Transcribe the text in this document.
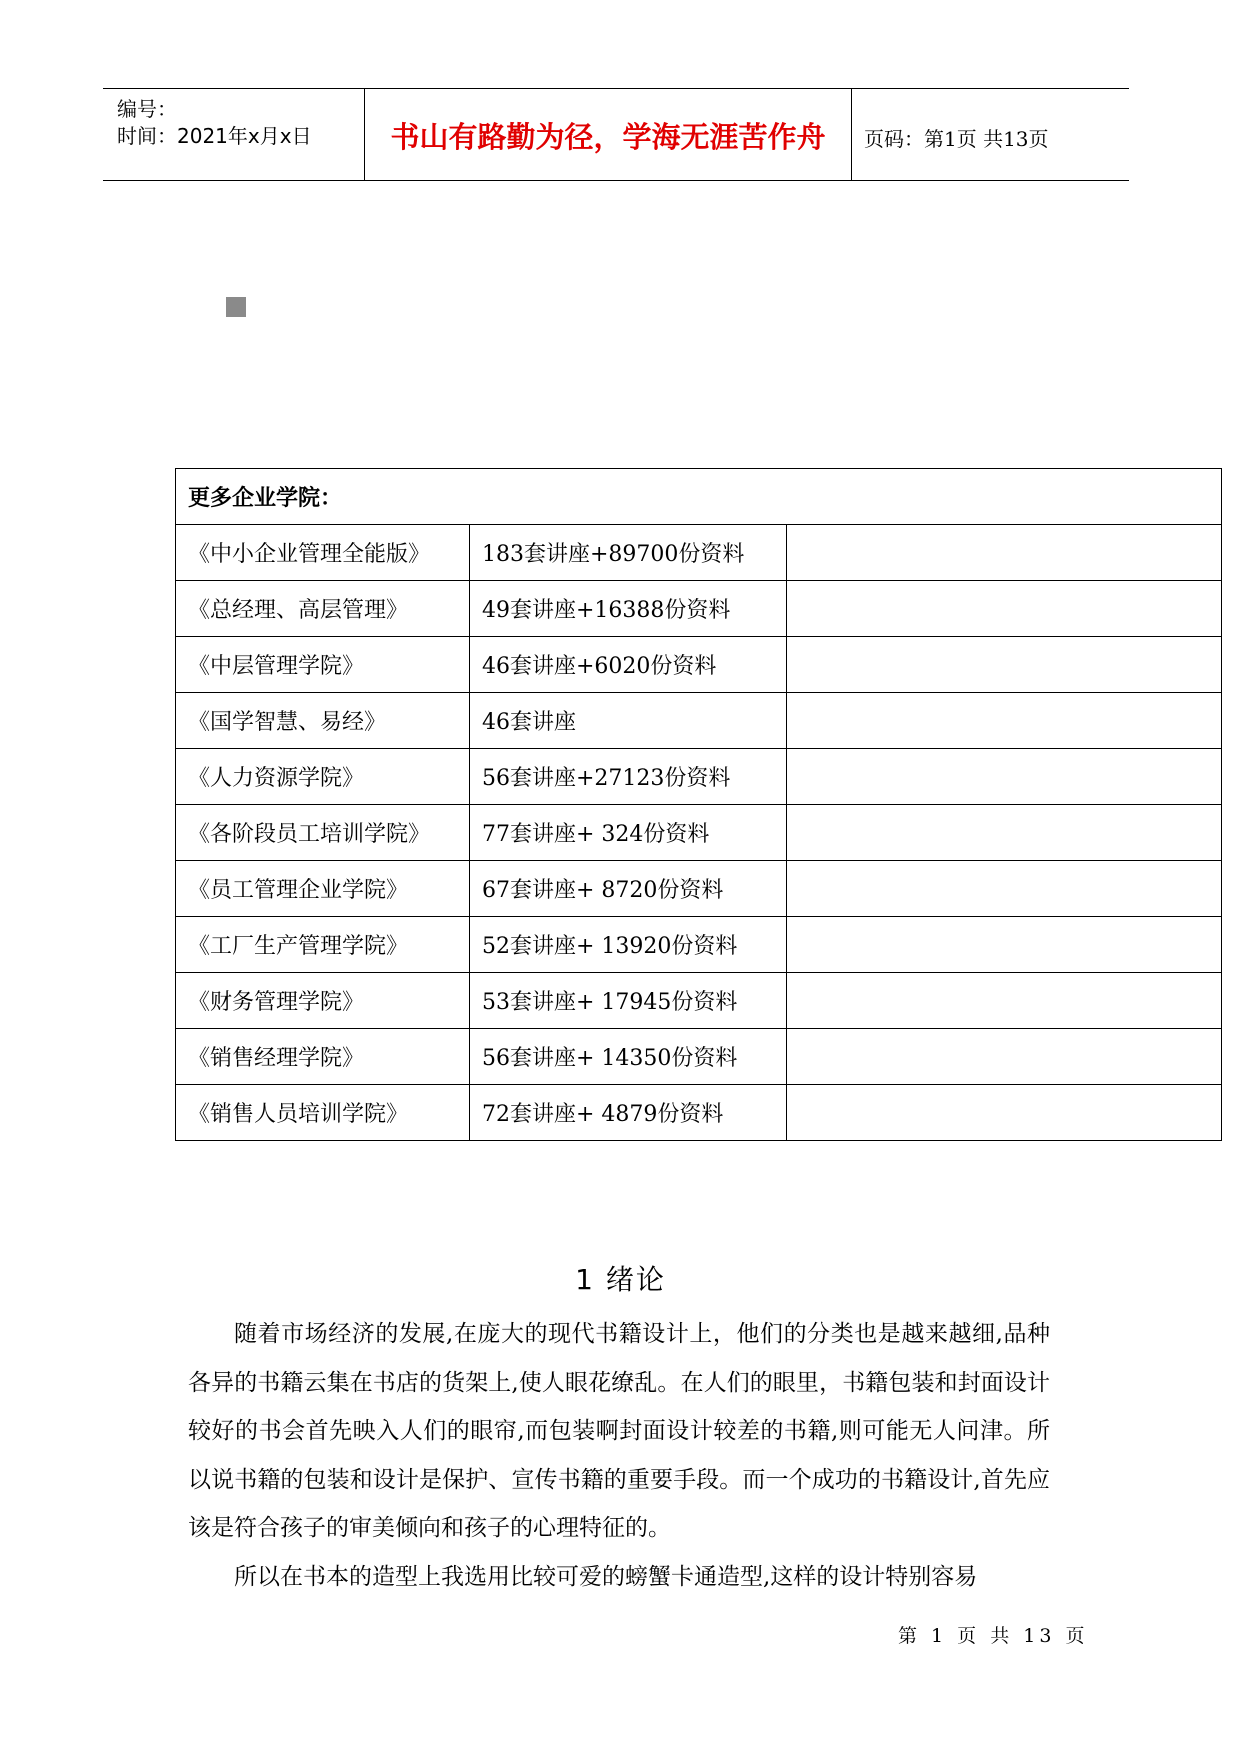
编号：
时间：2021年x月x日	书山有路勤为径，学海无涯苦作舟	页码：第1页 共13页
更多企业学院：		
《中小企业管理全能版》	183套讲座+89700份资料	
《总经理、高层管理》	49套讲座+16388份资料	
《中层管理学院》	46套讲座+6020份资料	
《国学智慧、易经》	46套讲座	
《人力资源学院》	56套讲座+27123份资料	
《各阶段员工培训学院》	77套讲座+ 324份资料	
《员工管理企业学院》	67套讲座+ 8720份资料	
《工厂生产管理学院》	52套讲座+ 13920份资料	
《财务管理学院》	53套讲座+ 17945份资料	
《销售经理学院》	56套讲座+ 14350份资料	
《销售人员培训学院》	72套讲座+ 4879份资料	
1 绪论
随着市场经济的发展,在庞大的现代书籍设计上，他们的分类也是越来越细,品种各异的书籍云集在书店的货架上,使人眼花缭乱。在人们的眼里，书籍包装和封面设计较好的书会首先映入人们的眼帘,而包装啊封面设计较差的书籍,则可能无人问津。所以说书籍的包装和设计是保护、宣传书籍的重要手段。而一个成功的书籍设计,首先应该是符合孩子的审美倾向和孩子的心理特征的。
所以在书本的造型上我选用比较可爱的螃蟹卡通造型,这样的设计特别容易
第 1 页 共 13 页
